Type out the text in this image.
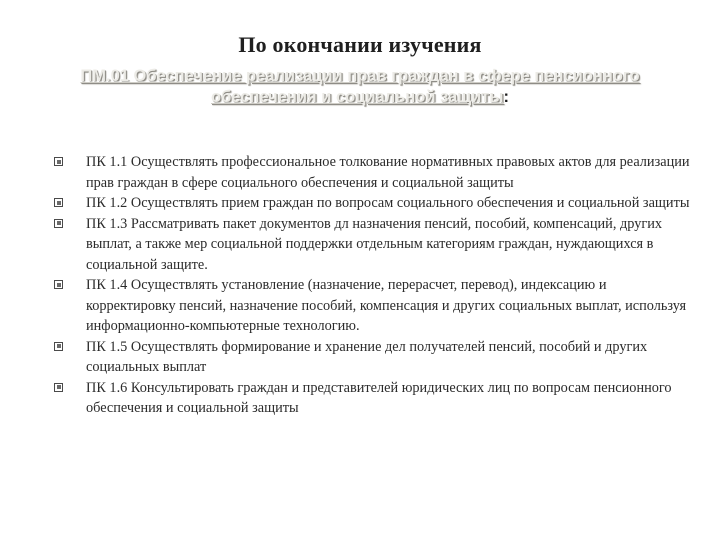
По окончании изучения
ПМ.01 Обеспечение реализации прав граждан в сфере пенсионного обеспечения и социальной защиты:
ПК 1.1 Осуществлять профессиональное толкование нормативных правовых актов для реализации прав граждан в сфере социального обеспечения и социальной защиты
ПК 1.2 Осуществлять прием граждан по вопросам социального обеспечения и социальной защиты
ПК 1.3 Рассматривать пакет документов дл назначения пенсий, пособий, компенсаций, других выплат, а также мер социальной поддержки отдельным категориям граждан, нуждающихся в социальной защите.
ПК 1.4 Осуществлять установление (назначение, перерасчет, перевод), индексацию и корректировку пенсий, назначение пособий, компенсация и других социальных выплат, используя информационно-компьютерные технологию.
ПК 1.5 Осуществлять формирование и хранение дел получателей пенсий, пособий и других социальных выплат
ПК 1.6 Консультировать граждан и представителей юридических лиц по вопросам пенсионного обеспечения и социальной защиты
